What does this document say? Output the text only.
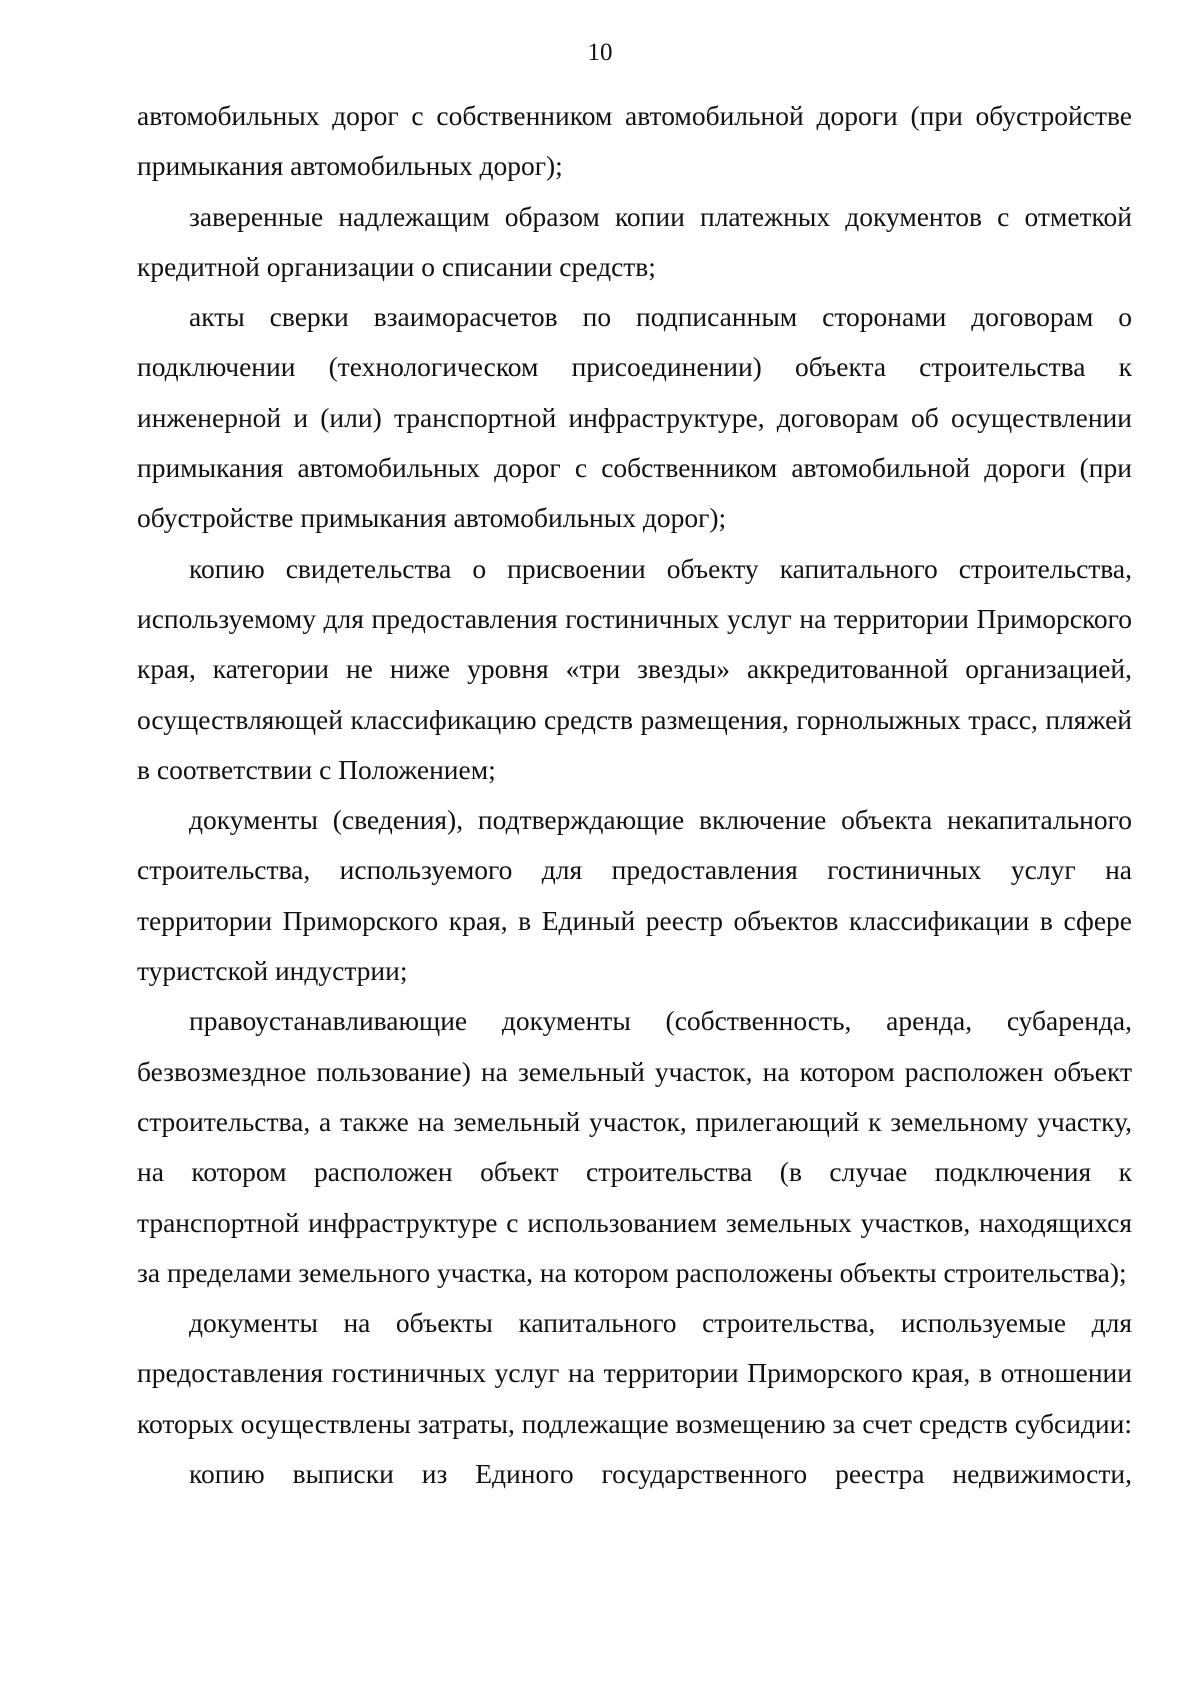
10

автомобильных дорог с собственником автомобильной дороги (при обустройстве примыкания автомобильных дорог);

заверенные надлежащим образом копии платежных документов с отметкой кредитной организации о списании средств;

акты сверки взаиморасчетов по подписанным сторонами договорам о подключении (технологическом присоединении) объекта строительства к инженерной и (или) транспортной инфраструктуре, договорам об осуществлении примыкания автомобильных дорог с собственником автомобильной дороги (при обустройстве примыкания автомобильных дорог);

копию свидетельства о присвоении объекту капитального строительства, используемому для предоставления гостиничных услуг на территории Приморского края, категории не ниже уровня «три звезды» аккредитованной организацией, осуществляющей классификацию средств размещения, горнолыжных трасс, пляжей в соответствии с Положением;

документы (сведения), подтверждающие включение объекта некапитального строительства, используемого для предоставления гостиничных услуг на территории Приморского края, в Единый реестр объектов классификации в сфере туристской индустрии;

правоустанавливающие документы (собственность, аренда, субаренда, безвозмездное пользование) на земельный участок, на котором расположен объект строительства, а также на земельный участок, прилегающий к земельному участку, на котором расположен объект строительства (в случае подключения к транспортной инфраструктуре с использованием земельных участков, находящихся за пределами земельного участка, на котором расположены объекты строительства);

документы на объекты капитального строительства, используемые для предоставления гостиничных услуг на территории Приморского края, в отношении которых осуществлены затраты, подлежащие возмещению за счет средств субсидии:

копию выписки из Единого государственного реестра недвижимости,
